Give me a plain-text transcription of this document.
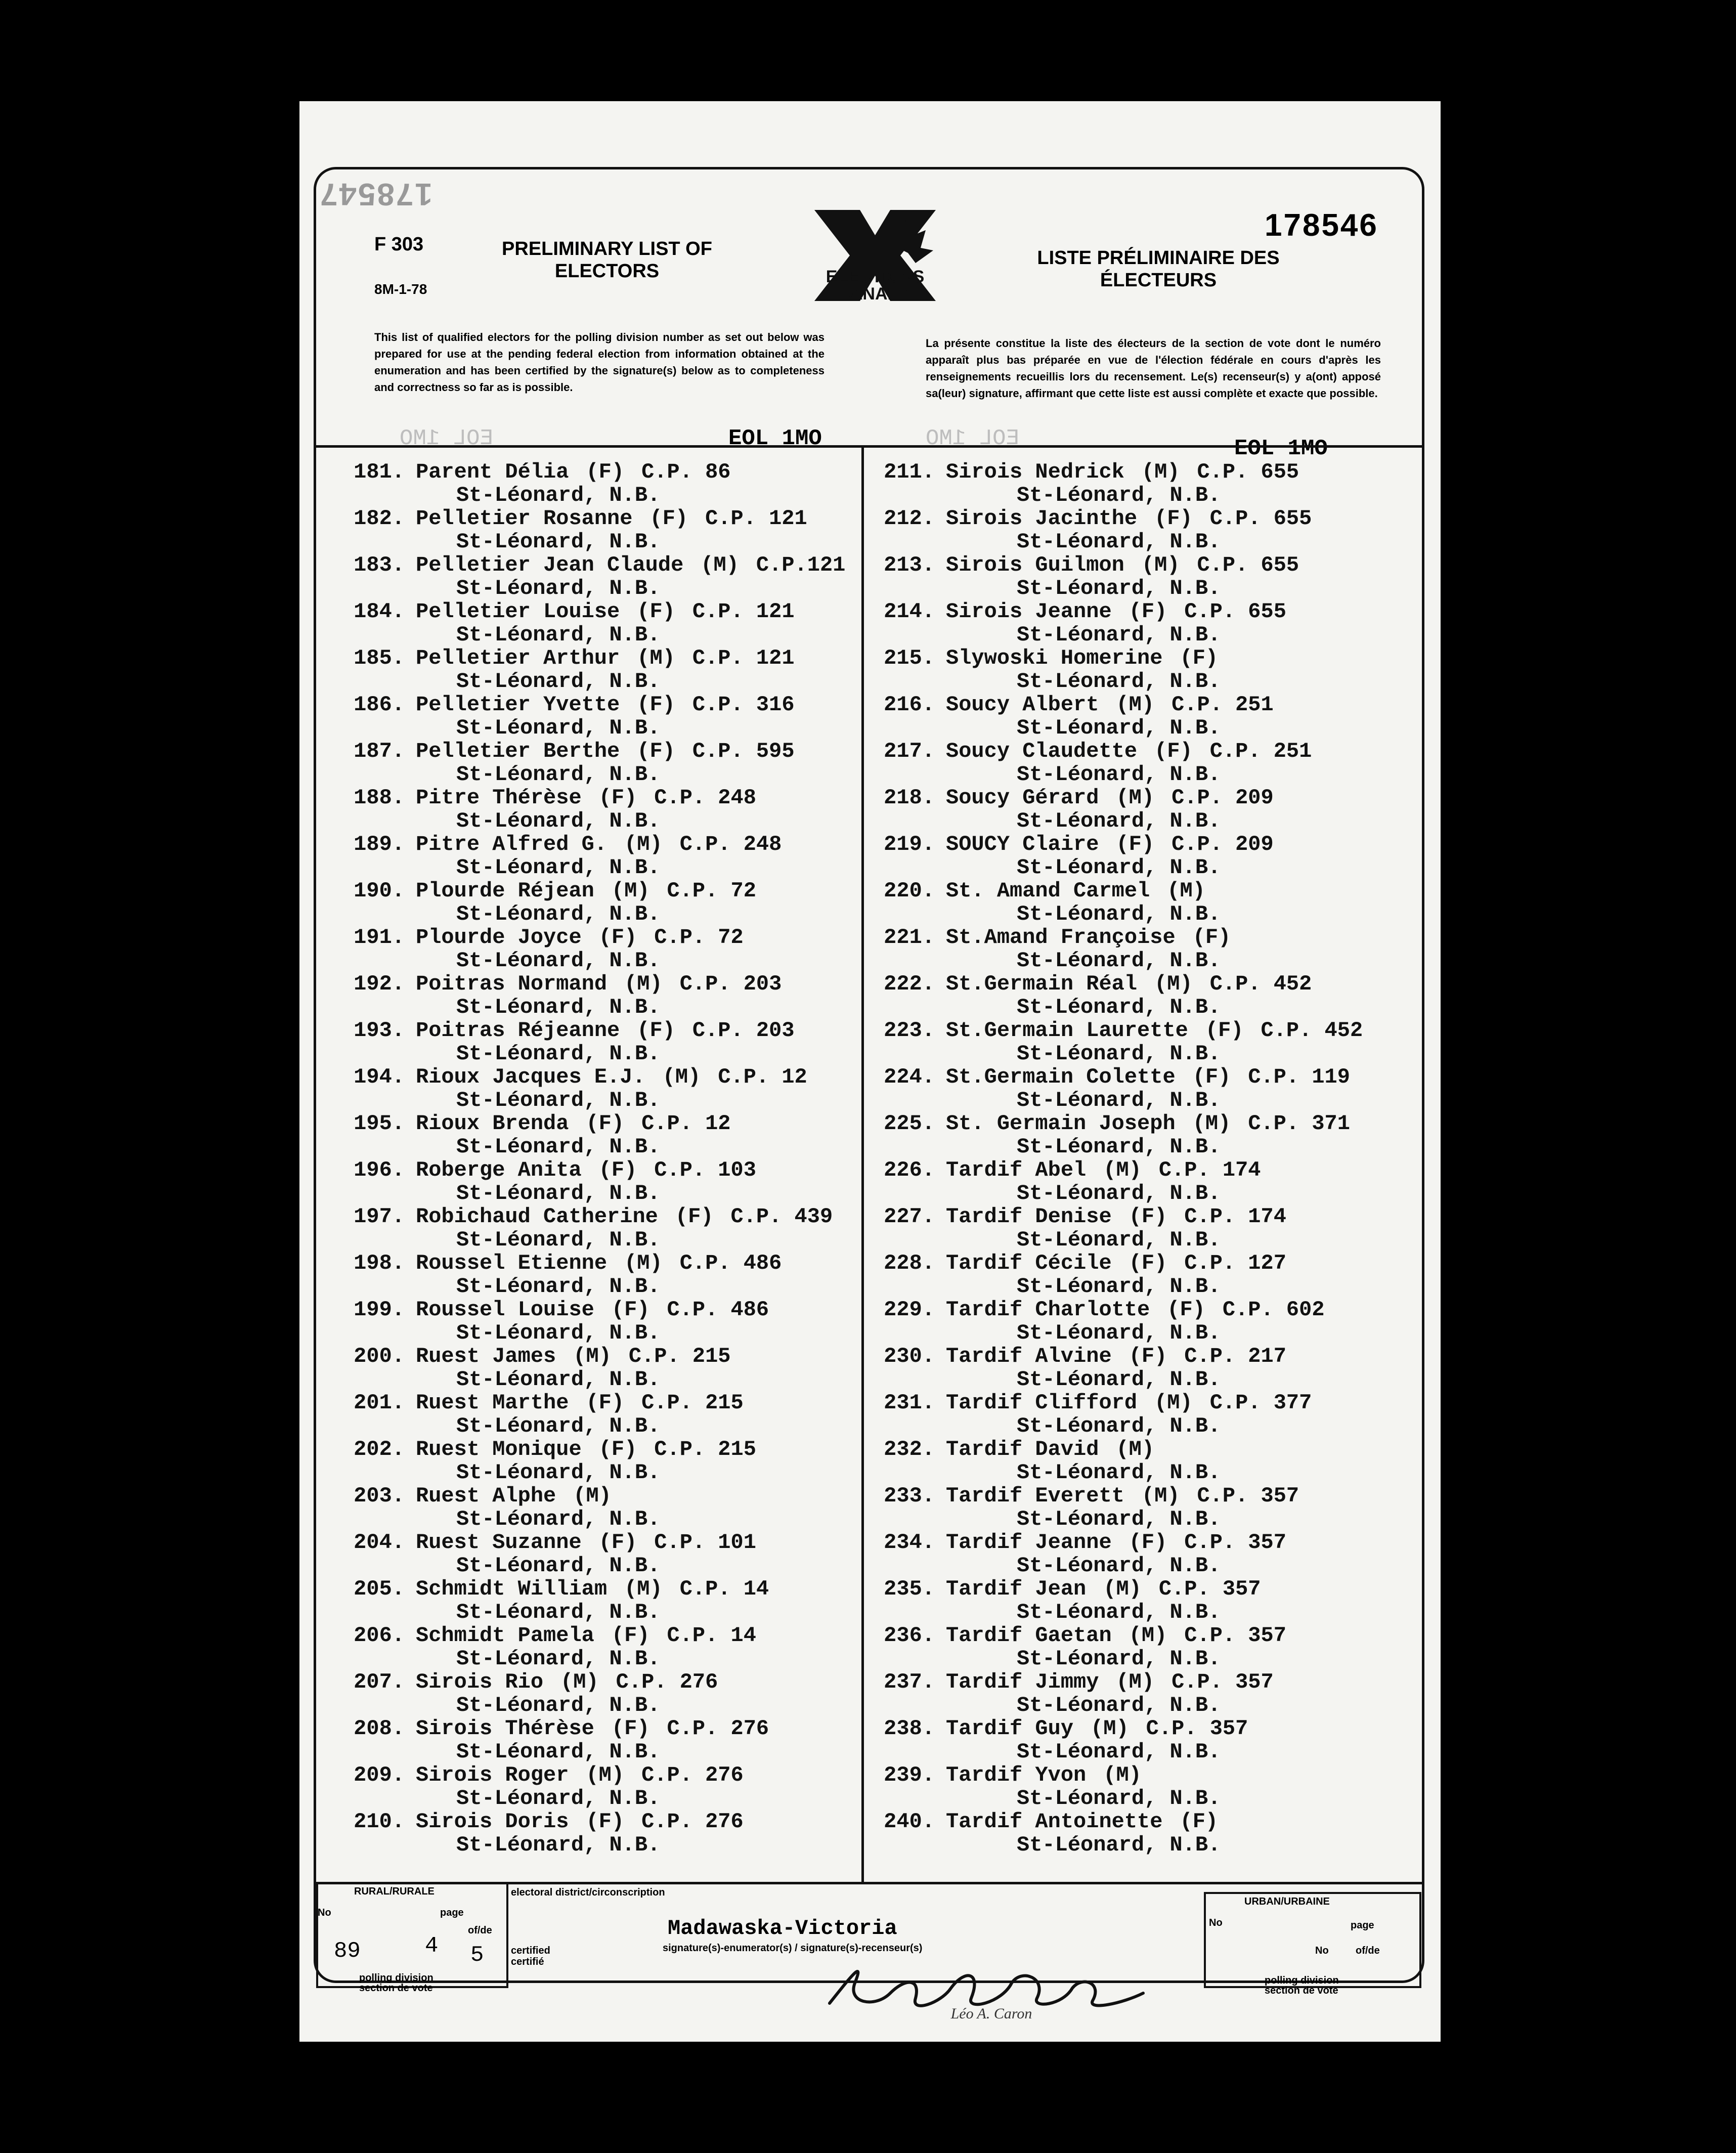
178547
F 303
8M-1-78
PRELIMINARY LIST OF ELECTORS	ELECTIONS CANADA
LISTE PRÉLIMINAIRE DES ÉLECTEURS
178546
This list of qualified electors for the polling division number as set out below was prepared for use at the pending federal election from information obtained at the enumeration and has been certified by the signature(s) below as to completeness and correctness so far as is possible.
La présente constitue la liste des électeurs de la section de vote dont le numéro apparaît plus bas préparée en vue de l'élection fédérale en cours d'après les renseignements recueillis lors du recensement. Le(s) recenseur(s) y a(ont) apposé sa(leur) signature, affirmant que cette liste est aussi complète et exacte que possible.
EOL 1MO	EOL 1MO	EOL 1MO	EOL 1MO
181. Parent Délia (F) C.P. 86
St-Léonard, N.B.
182. Pelletier Rosanne (F) C.P. 121
St-Léonard, N.B.
183. Pelletier Jean Claude (M) C.P.121
St-Léonard, N.B.
184. Pelletier Louise (F) C.P. 121
St-Léonard, N.B.
185. Pelletier Arthur (M) C.P. 121
St-Léonard, N.B.
186. Pelletier Yvette (F) C.P. 316
St-Léonard, N.B.
187. Pelletier Berthe (F) C.P. 595
St-Léonard, N.B.
188. Pitre Thérèse (F) C.P. 248
St-Léonard, N.B.
189. Pitre Alfred G. (M) C.P. 248
St-Léonard, N.B.
190. Plourde Réjean (M) C.P. 72
St-Léonard, N.B.
191. Plourde Joyce (F) C.P. 72
St-Léonard, N.B.
192. Poitras Normand (M) C.P. 203
St-Léonard, N.B.
193. Poitras Réjeanne (F) C.P. 203
St-Léonard, N.B.
194. Rioux Jacques E.J. (M) C.P. 12
St-Léonard, N.B.
195. Rioux Brenda (F) C.P. 12
St-Léonard, N.B.
196. Roberge Anita (F) C.P. 103
St-Léonard, N.B.
197. Robichaud Catherine (F) C.P. 439
St-Léonard, N.B.
198. Roussel Etienne (M) C.P. 486
St-Léonard, N.B.
199. Roussel Louise (F) C.P. 486
St-Léonard, N.B.
200. Ruest James (M) C.P. 215
St-Léonard, N.B.
201. Ruest Marthe (F) C.P. 215
St-Léonard, N.B.
202. Ruest Monique (F) C.P. 215
St-Léonard, N.B.
203. Ruest Alphe (M)
St-Léonard, N.B.
204. Ruest Suzanne (F) C.P. 101
St-Léonard, N.B.
205. Schmidt William (M) C.P. 14
St-Léonard, N.B.
206. Schmidt Pamela (F) C.P. 14
St-Léonard, N.B.
207. Sirois Rio (M) C.P. 276
St-Léonard, N.B.
208. Sirois Thérèse (F) C.P. 276
St-Léonard, N.B.
209. Sirois Roger (M) C.P. 276
St-Léonard, N.B.
210. Sirois Doris (F) C.P. 276
St-Léonard, N.B.
211. Sirois Nedrick (M) C.P. 655
St-Léonard, N.B.
212. Sirois Jacinthe (F) C.P. 655
St-Léonard, N.B.
213. Sirois Guilmon (M) C.P. 655
St-Léonard, N.B.
214. Sirois Jeanne (F) C.P. 655
St-Léonard, N.B.
215. Slywoski Homerine (F)
St-Léonard, N.B.
216. Soucy Albert (M) C.P. 251
St-Léonard, N.B.
217. Soucy Claudette (F) C.P. 251
St-Léonard, N.B.
218. Soucy Gérard (M) C.P. 209
St-Léonard, N.B.
219. SOUCY Claire (F) C.P. 209
St-Léonard, N.B.
220. St. Amand Carmel (M)
St-Léonard, N.B.
221. St.Amand Françoise (F)
St-Léonard, N.B.
222. St.Germain Réal (M) C.P. 452
St-Léonard, N.B.
223. St.Germain Laurette (F) C.P. 452
St-Léonard, N.B.
224. St.Germain Colette (F) C.P. 119
St-Léonard, N.B.
225. St. Germain Joseph (M) C.P. 371
St-Léonard, N.B.
226. Tardif Abel (M) C.P. 174
St-Léonard, N.B.
227. Tardif Denise (F) C.P. 174
St-Léonard, N.B.
228. Tardif Cécile (F) C.P. 127
St-Léonard, N.B.
229. Tardif Charlotte (F) C.P. 602
St-Léonard, N.B.
230. Tardif Alvine (F) C.P. 217
St-Léonard, N.B.
231. Tardif Clifford (M) C.P. 377
St-Léonard, N.B.
232. Tardif David (M)
St-Léonard, N.B.
233. Tardif Everett (M) C.P. 357
St-Léonard, N.B.
234. Tardif Jeanne (F) C.P. 357
St-Léonard, N.B.
235. Tardif Jean (M) C.P. 357
St-Léonard, N.B.
236. Tardif Gaetan (M) C.P. 357
St-Léonard, N.B.
237. Tardif Jimmy (M) C.P. 357
St-Léonard, N.B.
238. Tardif Guy (M) C.P. 357
St-Léonard, N.B.
239. Tardif Yvon (M)
St-Léonard, N.B.
240. Tardif Antoinette (F)
St-Léonard, N.B.
RURAL/RURALE
No	page
of/de
89	4 5
polling division section de vote
electoral district/circonscription
Madawaska-Victoria
signature(s)-enumerator(s) / signature(s)-recenseur(s)
certified certifié
Léo A. Caron
URBAN/URBAINE
No	page
No	of/de
polling division section de vote
